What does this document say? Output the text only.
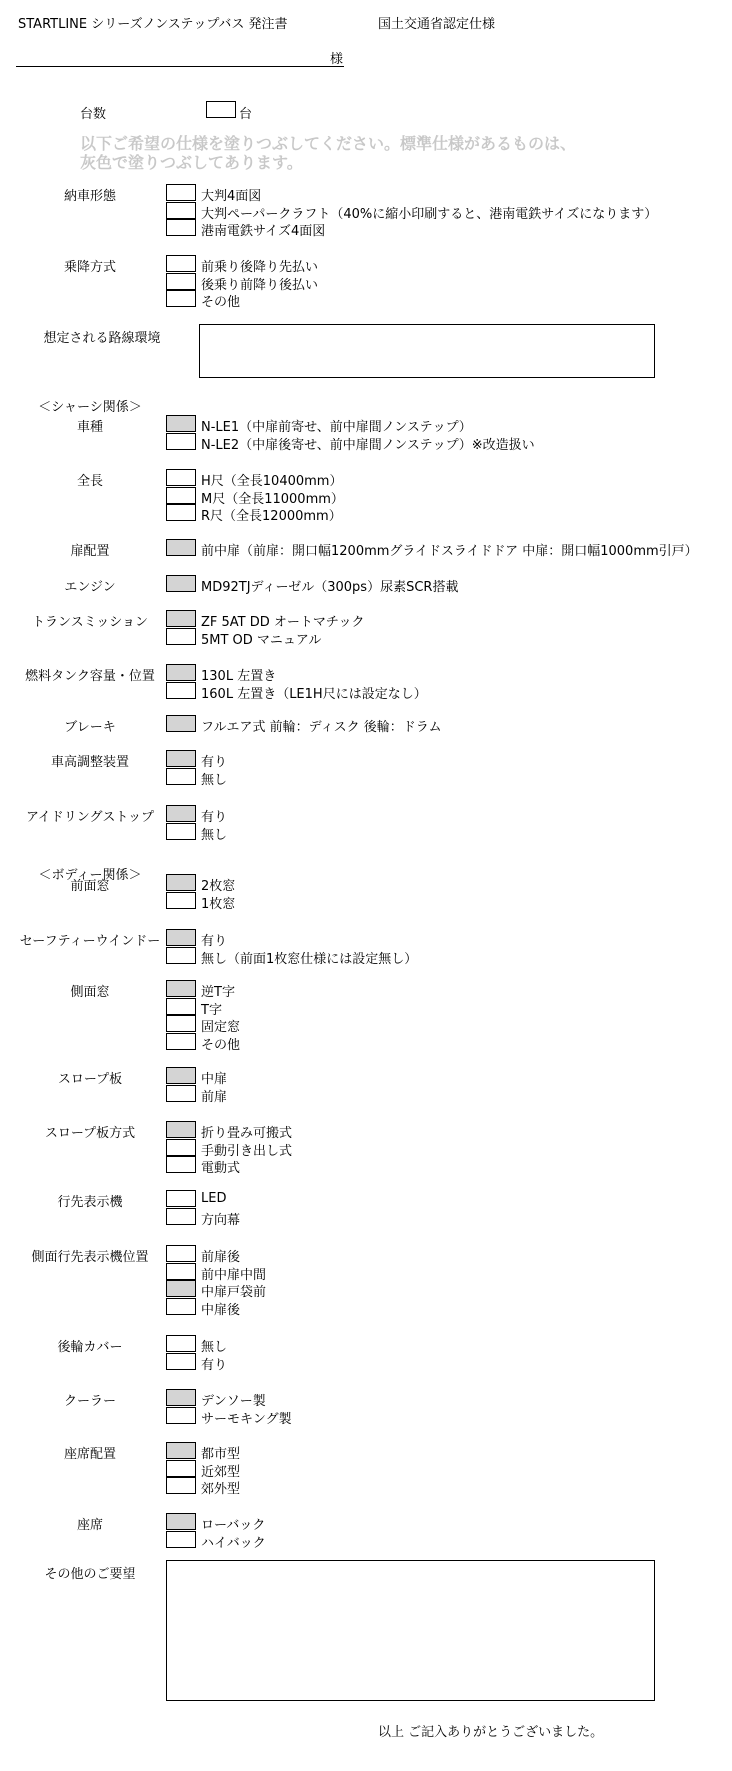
STARTLINE シリーズノンステップバス 発注書	国土交通省認定仕様
様
台数	台
以下ご希望の仕様を塗りつぶしてください。標準仕様があるものは、
灰色で塗りつぶしてあります。
想定される路線環境
＜シャーシ関係＞
＜ボディー関係＞
納車形態	大判4面図
大判ペーパークラフト（40%に縮小印刷すると、港南電鉄サイズになります）
港南電鉄サイズ4面図
乗降方式	前乗り後降り先払い
後乗り前降り後払い
その他
車種	N-LE1（中扉前寄せ、前中扉間ノンステップ）
N-LE2（中扉後寄せ、前中扉間ノンステップ）※改造扱い
全長	H尺（全長10400mm）
M尺（全長11000mm）
R尺（全長12000mm）
扉配置	前中扉（前扉：開口幅1200mmグライドスライドドア 中扉：開口幅1000mm引戸）
エンジン	MD92TJディーゼル（300ps）尿素SCR搭載
トランスミッション	ZF 5AT DD オートマチック
5MT OD マニュアル
燃料タンク容量・位置	130L 左置き
160L 左置き（LE1H尺には設定なし）
ブレーキ	フルエア式 前輪：ディスク 後輪：ドラム
車高調整装置	有り
無し
アイドリングストップ	有り
無し
前面窓	2枚窓
1枚窓
セーフティーウインドー	有り
無し（前面1枚窓仕様には設定無し）
側面窓	逆T字
T字
固定窓
その他
スロープ板	中扉
前扉
スロープ板方式	折り畳み可搬式
手動引き出し式
電動式
行先表示機	LED
方向幕
側面行先表示機位置	前扉後
前中扉中間
中扉戸袋前
中扉後
後輪カバー	無し
有り
クーラー	デンソー製
サーモキング製
座席配置	都市型
近郊型
郊外型
座席	ローバック
ハイバック
その他のご要望
以上 ご記入ありがとうございました。
